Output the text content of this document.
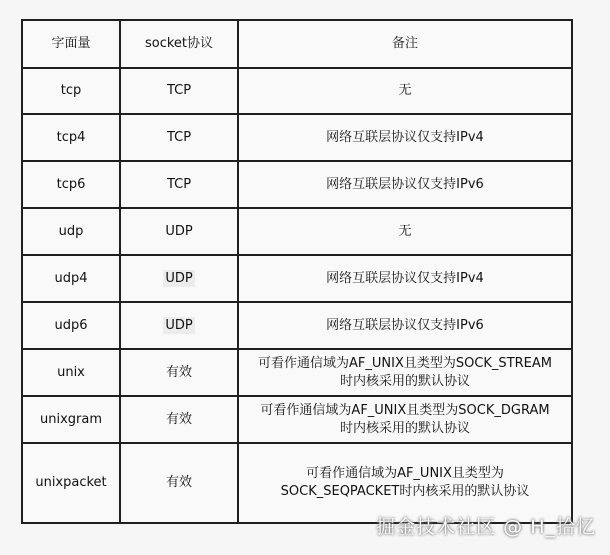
字面量	socket协议	备注
tcp	TCP	无
tcp4	TCP	网络互联层协议仅支持IPv4
tcp6	TCP	网络互联层协议仅支持IPv6
udp	UDP	无
udp4	UDP	网络互联层协议仅支持IPv4
udp6	UDP	网络互联层协议仅支持IPv6
unix	有效	可看作通信域为AF_UNIX且类型为SOCK_STREAM
时内核采用的默认协议

unixgram	有效	可看作通信域为AF_UNIX且类型为SOCK_DGRAM
时内核采用的默认协议

unixpacket	有效	可看作通信域为AF_UNIX且类型为
SOCK_SEQPACKET时内核采用的默认协议
掘金技术社区 @ H_拾忆
